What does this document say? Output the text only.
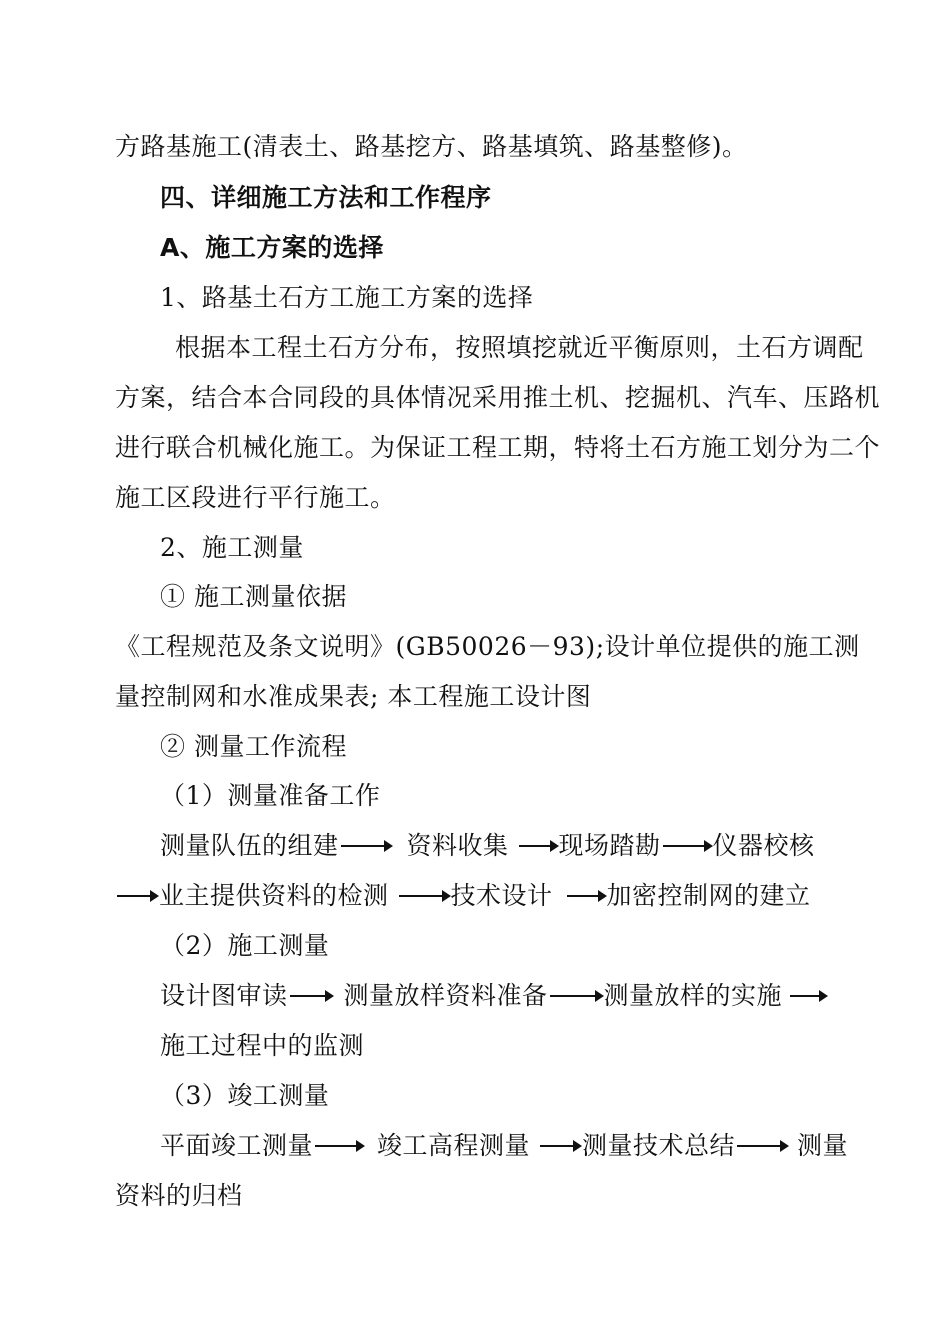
方路基施工(清表土、路基挖方、路基填筑、路基整修)。
四、详细施工方法和工作程序
A、施工方案的选择
1、路基土石方工施工方案的选择
根据本工程土石方分布，按照填挖就近平衡原则，土石方调配
方案，结合本合同段的具体情况采用推土机、挖掘机、汽车、压路机
进行联合机械化施工。为保证工程工期，特将土石方施工划分为二个
施工区段进行平行施工。
2、施工测量
① 施工测量依据
《工程规范及条文说明》(GB50026－93);设计单位提供的施工测
量控制网和水准成果表; 本工程施工设计图
② 测量工作流程
（1）测量准备工作
测量队伍的组建	资料收集 现场踏勘 仪器校核
业主提供资料的检测 技术设计 加密控制网的建立
（2）施工测量
设计图审读 测量放样资料准备 测量放样的实施
施工过程中的监测
（3）竣工测量
平面竣工测量	竣工高程测量 测量技术总结 测量
资料的归档
